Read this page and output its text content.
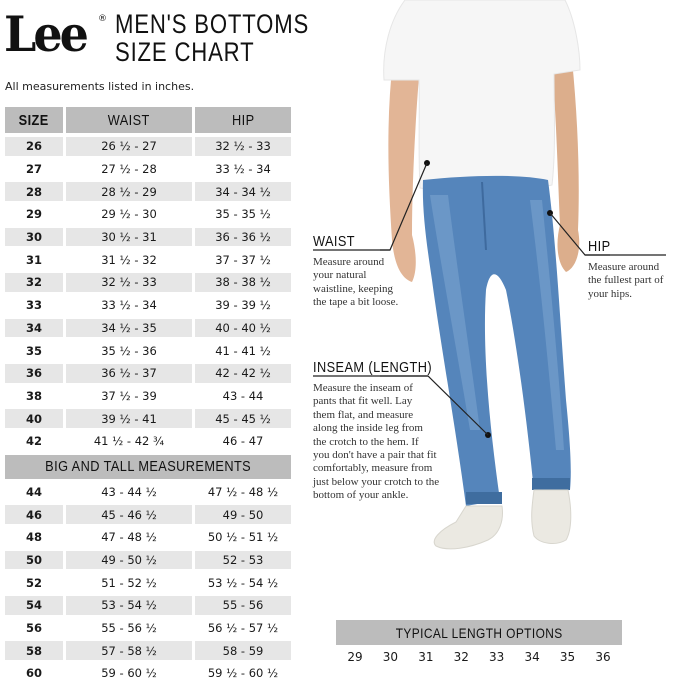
Lee ® MEN'S BOTTOMS
SIZE CHART
All measurements listed in inches.
SIZE	WAIST	HIP
26	26 ½ - 27	32 ½ - 33
27	27 ½ - 28	33 ½ - 34
28	28 ½ - 29	34 - 34 ½
29	29 ½ - 30	35 - 35 ½
30	30 ½ - 31	36 - 36 ½
31	31 ½ - 32	37 - 37 ½
32	32 ½ - 33	38 - 38 ½
33	33 ½ - 34	39 - 39 ½
34	34 ½ - 35	40 - 40 ½
35	35 ½ - 36	41 - 41 ½
36	36 ½ - 37	42 - 42 ½
38	37 ½ - 39	43 - 44
40	39 ½ - 41	45 - 45 ½
42	41 ½ - 42 ¾	46 - 47
BIG AND TALL MEASUREMENTS
44	43 - 44 ½	47 ½ - 48 ½
46	45 - 46 ½	49 - 50
48	47 - 48 ½	50 ½ - 51 ½
50	49 - 50 ½	52 - 53
52	51 - 52 ½	53 ½ - 54 ½
54	53 - 54 ½	55 - 56
56	55 - 56 ½	56 ½ - 57 ½
58	57 - 58 ½	58 - 59
60	59 - 60 ½	59 ½ - 60 ½
WAIST
Measure around
your natural
waistline, keeping
the tape a bit loose.
HIP
Measure around
the fullest part of
your hips.
INSEAM (LENGTH)
Measure the inseam of
pants that fit well. Lay
them flat, and measure
along the inside leg from
the crotch to the hem. If
you don't have a pair that fit
comfortably, measure from
just below your crotch to the
bottom of your ankle.
TYPICAL LENGTH OPTIONS
29	30	31	32	33	34	35	36
